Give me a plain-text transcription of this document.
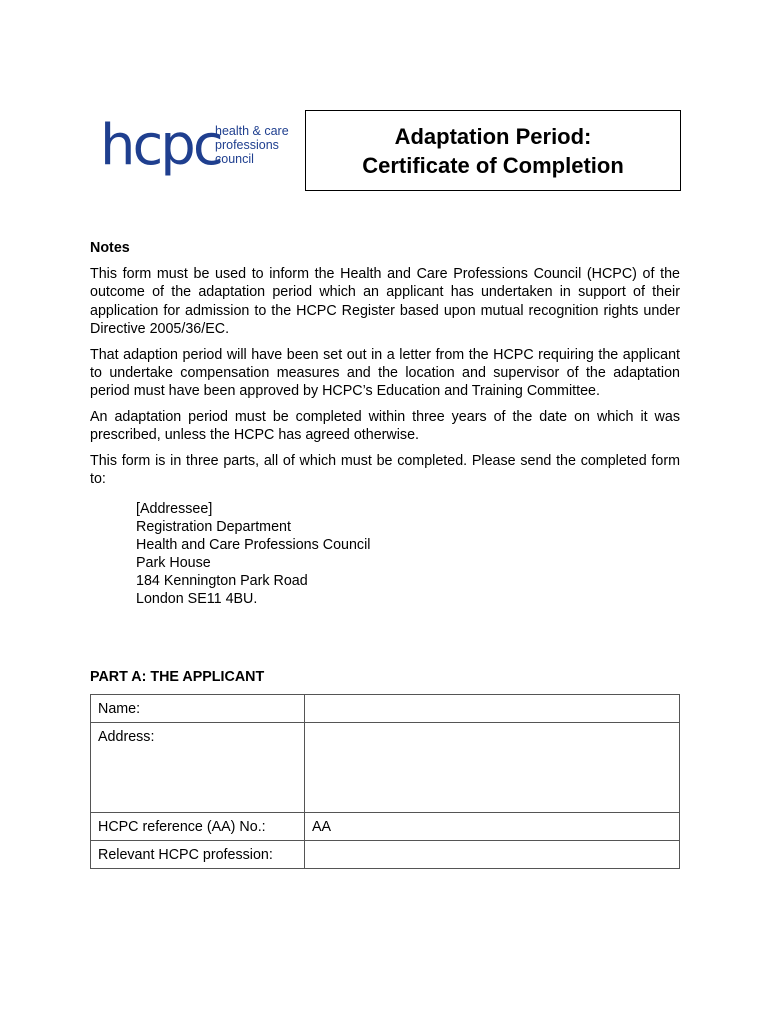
hcpc
health & care
professions
council
Adaptation Period:
Certificate of Completion
Notes

This form must be used to inform the Health and Care Professions Council (HCPC) of the outcome of the adaptation period which an applicant has undertaken in support of their application for admission to the HCPC Register based upon mutual recognition rights under Directive 2005/36/EC.

That adaption period will have been set out in a letter from the HCPC requiring the applicant to undertake compensation measures and the location and supervisor of the adaptation period must have been approved by HCPC’s Education and Training Committee.

An adaptation period must be completed within three years of the date on which it was prescribed, unless the HCPC has agreed otherwise.

This form is in three parts, all of which must be completed. Please send the completed form to:

[Addressee]
Registration Department
Health and Care Professions Council
Park House
184 Kennington Park Road
London SE11 4BU.
PART A: THE APPLICANT
Name:	
Address:	
HCPC reference (AA) No.:	AA
Relevant HCPC profession:	
